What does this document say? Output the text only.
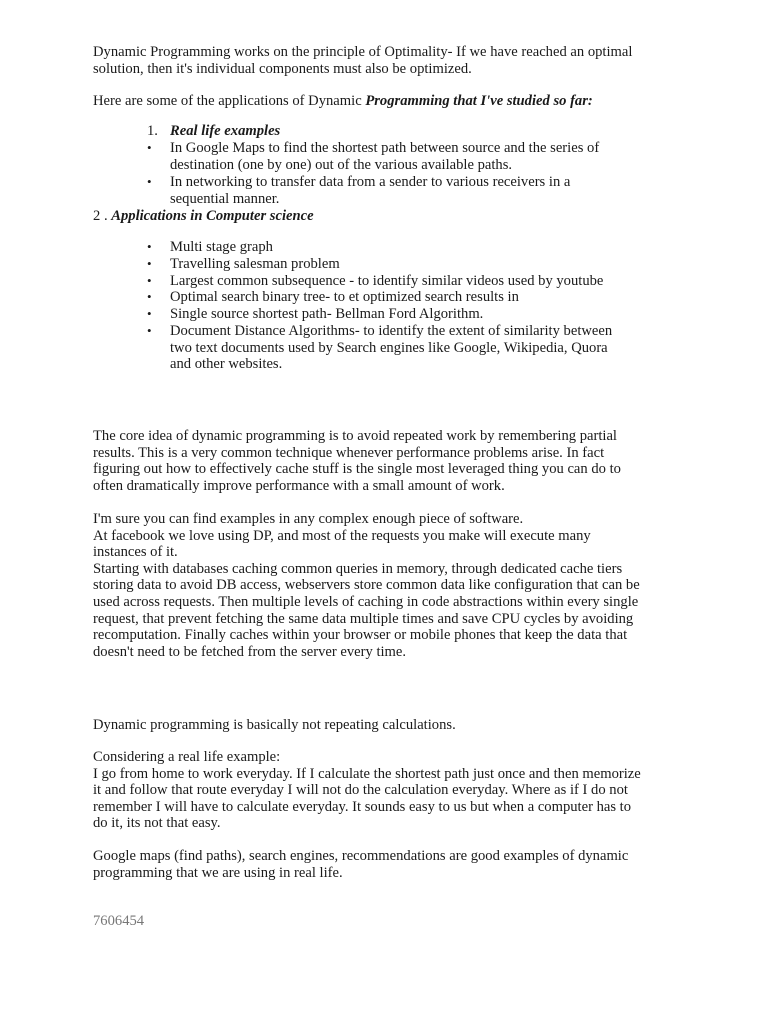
Dynamic Programming works on the principle of Optimality- If we have reached an optimal
solution, then it's individual components must also be optimized.
Here are some of the applications of Dynamic Programming that I've studied so far:
1. Real life examples
• In Google Maps to find the shortest path between source and the series of
destination (one by one) out of the various available paths.
• In networking to transfer data from a sender to various receivers in a
sequential manner.
2 . Applications in Computer science
• Multi stage graph
• Travelling salesman problem
• Largest common subsequence - to identify similar videos used by youtube
• Optimal search binary tree- to et optimized search results in
• Single source shortest path- Bellman Ford Algorithm.
• Document Distance Algorithms- to identify the extent of similarity between
two text documents used by Search engines like Google, Wikipedia, Quora
and other websites.
The core idea of dynamic programming is to avoid repeated work by remembering partial
results. This is a very common technique whenever performance problems arise. In fact
figuring out how to effectively cache stuff is the single most leveraged thing you can do to
often dramatically improve performance with a small amount of work.
I'm sure you can find examples in any complex enough piece of software.
At facebook we love using DP, and most of the requests you make will execute many
instances of it.
Starting with databases caching common queries in memory, through dedicated cache tiers
storing data to avoid DB access, webservers store common data like configuration that can be
used across requests. Then multiple levels of caching in code abstractions within every single
request, that prevent fetching the same data multiple times and save CPU cycles by avoiding
recomputation. Finally caches within your browser or mobile phones that keep the data that
doesn't need to be fetched from the server every time.
Dynamic programming is basically not repeating calculations.
Considering a real life example:
I go from home to work everyday. If I calculate the shortest path just once and then memorize
it and follow that route everyday I will not do the calculation everyday. Where as if I do not
remember I will have to calculate everyday. It sounds easy to us but when a computer has to
do it, its not that easy.
Google maps (find paths), search engines, recommendations are good examples of dynamic
programming that we are using in real life.
7606454
